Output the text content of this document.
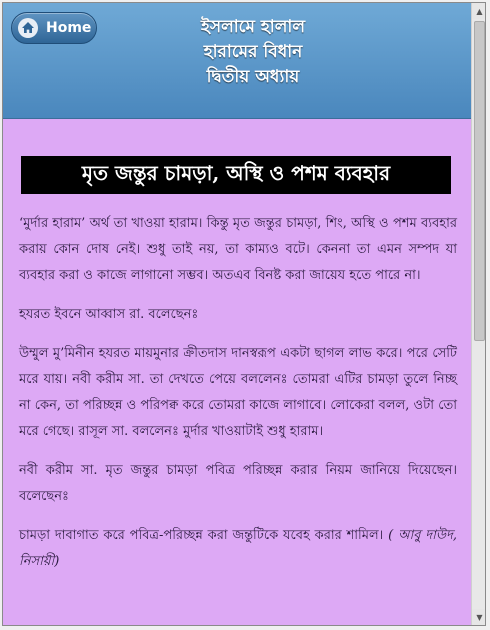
Home	ইসলামে হালাল
হারামের বিধান
দ্বিতীয় অধ্যায়
মৃত জন্তুর চামড়া, অস্থি ও পশম ব্যবহার

‘মুর্দার হারাম’ অর্থ তা খাওয়া হারাম। কিন্তু মৃত জন্তুর চামড়া, শিং, অস্থি ও পশম ব্যবহার করায় কোন দোষ নেই। শুধু তাই নয়, তা কাম্যও বটে। কেননা তা এমন সম্পদ যা ব্যবহার করা ও কাজে লাগানো সম্ভব। অতএব বিনষ্ট করা জায়েয হতে পারে না।

হযরত ইবনে আব্বাস রা. বলেছেনঃ

উম্মুল মু’মিনীন হযরত মায়মুনার ক্রীতদাস দানস্বরূপ একটা ছাগল লাভ করে। পরে সেটি মরে যায়। নবী করীম সা. তা দেখতে পেয়ে বললেনঃ তোমরা এটির চামড়া তুলে নিচ্ছ না কেন, তা পরিচ্ছন্ন ও পরিপক্ব করে তোমরা কাজে লাগাবে। লোকেরা বলল, ওটা তো মরে গেছে। রাসূল সা. বললেনঃ মুর্দার খাওয়াটাই শুধু হারাম।

নবী করীম সা. মৃত জন্তুর চামড়া পবিত্র পরিচ্ছন্ন করার নিয়ম জানিয়ে দিয়েছেন। বলেছেনঃ

চামড়া দাবাগাত করে পবিত্র-পরিচ্ছন্ন করা জন্তুটিকে যবেহ করার শামিল। ( আবু দাউদ, নিসায়ী)

▲
▼
